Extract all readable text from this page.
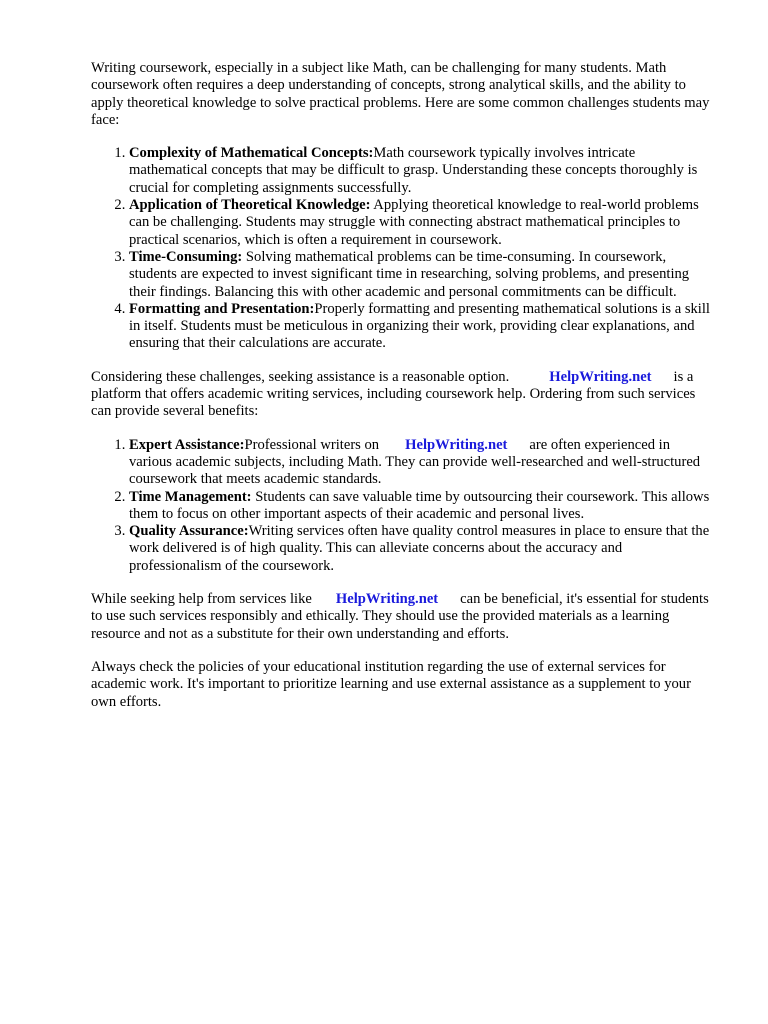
Writing coursework, especially in a subject like Math, can be challenging for many students. Math coursework often requires a deep understanding of concepts, strong analytical skills, and the ability to apply theoretical knowledge to solve practical problems. Here are some common challenges students may face:

1. Complexity of Mathematical Concepts:Math coursework typically involves intricate mathematical concepts that may be difficult to grasp. Understanding these concepts thoroughly is crucial for completing assignments successfully.
2. Application of Theoretical Knowledge: Applying theoretical knowledge to real-world problems can be challenging. Students may struggle with connecting abstract mathematical principles to practical scenarios, which is often a requirement in coursework.
3. Time-Consuming: Solving mathematical problems can be time-consuming. In coursework, students are expected to invest significant time in researching, solving problems, and presenting their findings. Balancing this with other academic and personal commitments can be difficult.
4. Formatting and Presentation:Properly formatting and presenting mathematical solutions is a skill in itself. Students must be meticulous in organizing their work, providing clear explanations, and ensuring that their calculations are accurate.

Considering these challenges, seeking assistance is a reasonable option.	HelpWriting.net is a platform that offers academic writing services, including coursework help. Ordering from such services can provide several benefits:

1. Expert Assistance:Professional writers on HelpWriting.net are often experienced in various academic subjects, including Math. They can provide well-researched and well-structured coursework that meets academic standards.
2. Time Management: Students can save valuable time by outsourcing their coursework. This allows them to focus on other important aspects of their academic and personal lives.
3. Quality Assurance:Writing services often have quality control measures in place to ensure that the work delivered is of high quality. This can alleviate concerns about the accuracy and professionalism of the coursework.

While seeking help from services like HelpWriting.net can be beneficial, it's essential for students to use such services responsibly and ethically. They should use the provided materials as a learning resource and not as a substitute for their own understanding and efforts.

Always check the policies of your educational institution regarding the use of external services for academic work. It's important to prioritize learning and use external assistance as a supplement to your own efforts.
